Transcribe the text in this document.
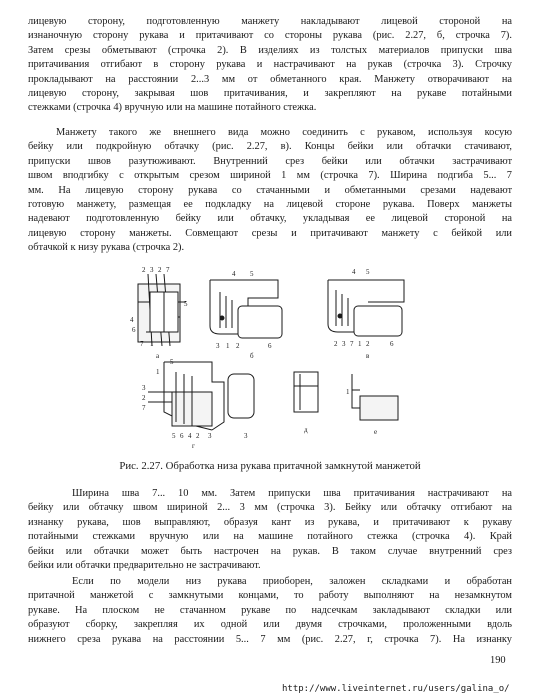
лицевую сторону, подготовленную манжету накладывают лицевой стороной на
изнаночную сторону рукава и притачивают со стороны рукава (рис. 2.27, б, строчка 7).
Затем срезы обметывают (строчка 2). В изделиях из толстых материалов припуски шва
притачивания отгибают в сторону рукава и настрачивают на рукав (строчка 3). Строчку
прокладывают на расстоянии 2...3 мм от обметанного края. Манжету отворачивают на
лицевую сторону, закрывая шов притачивания, и закрепляют на рукаве потайными
стежками (строчка 4) вручную или на машине потайного стежка.
Манжету такого же внешнего вида можно соединить с рукавом, используя косую
бейку или подкройную обтачку (рис. 2.27, в). Концы бейки или обтачки стачивают,
припуски швов разутюживают. Внутренний срез бейки или обтачки застрачивают
швом вподгибку с открытым срезом шириной 1 мм (строчка 7). Ширина подгиба 5... 7
мм. На лицевую сторону рукава со стачанными и обметанными срезами надевают
готовую манжету, размещая ее подкладку на лицевой стороне рукава. Поверх манжеты
надевают подготовленную бейку или обтачку, укладывая ее лицевой стороной на
лицевую сторону манжеты. Совмещают срезы и притачивают манжету с бейкой или
обтачкой к низу рукава (строчка 2).
а	б	в
г
д	е
2 3 2 7
5
4
6
7 1
4 5
3 1 2	6
4 5
2 3 7 1 2	6
5
1
3
2
7
5 6 4 2 3	3
1
Рис. 2.27. Обработка низа рукава притачной замкнутой манжетой
Ширина шва 7... 10 мм. Затем припуски шва притачивания настрачивают на
бейку или обтачку швом шириной 2... 3 мм (строчка 3). Бейку или обтачку отгибают на
изнанку рукава, шов выправляют, образуя кант из рукава, и притачивают к рукаву
потайными стежками вручную или на машине потайного стежка (строчка 4). Край
бейки или обтачки может быть настрочен на рукав. В таком случае внутренний срез
бейки или обтачки предварительно не застрачивают.
Если по модели низ рукава приоборен, заложен складками и обработан
притачной манжетой с замкнутыми концами, то работу выполняют на незамкнутом
рукаве. На плоском не стачанном рукаве по надсечкам закладывают складки или
образуют сборку, закрепляя их одной или двумя строчками, проложенными вдоль
нижнего среза рукава на расстоянии 5... 7 мм (рис. 2.27, г, строчка 7). На изнанку
190
http://www.liveinternet.ru/users/galina_o/
